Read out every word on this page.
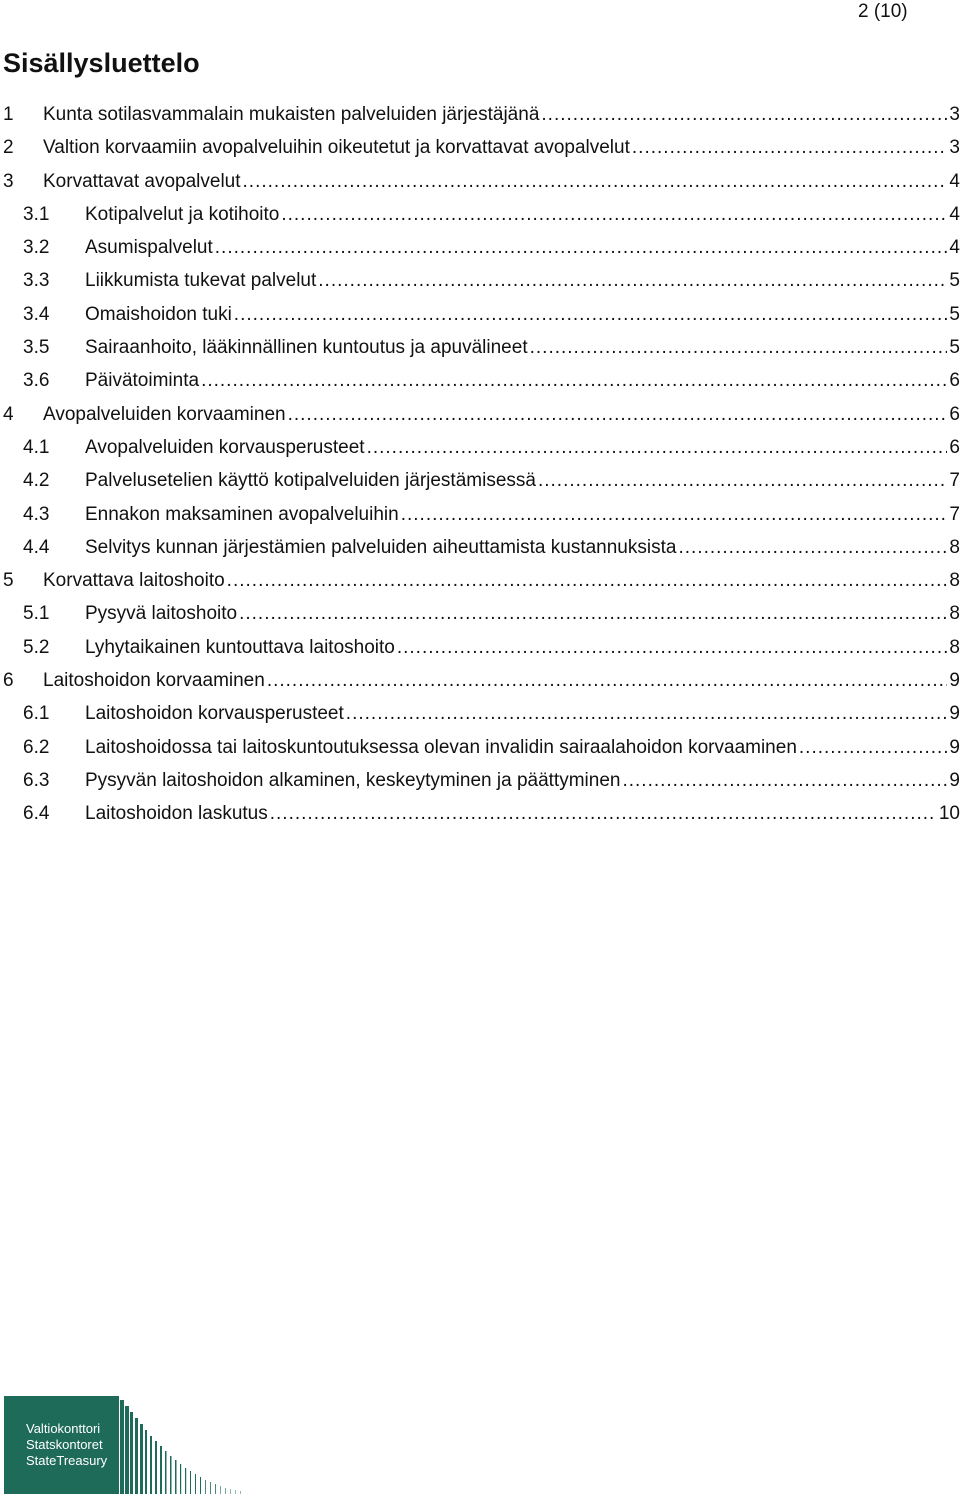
2 (10)
Sisällysluettelo
1	Kunta sotilasvammalain mukaisten palveluiden järjestäjänä .....	3
2	Valtion korvaamiin avopalveluihin oikeutetut ja korvattavat avopalvelut .....	3
3	Korvattavat avopalvelut .....	4
3.1	Kotipalvelut ja kotihoito .....	4
3.2	Asumispalvelut .....	4
3.3	Liikkumista tukevat palvelut .....	5
3.4	Omaishoidon tuki .....	5
3.5	Sairaanhoito, lääkinnällinen kuntoutus ja apuvälineet .....	5
3.6	Päivätoiminta .....	6
4	Avopalveluiden korvaaminen .....	6
4.1	Avopalveluiden korvausperusteet .....	6
4.2	Palvelusetelien käyttö kotipalveluiden järjestämisessä .....	7
4.3	Ennakon maksaminen avopalveluihin .....	7
4.4	Selvitys kunnan järjestämien palveluiden aiheuttamista kustannuksista .....	8
5	Korvattava laitoshoito .....	8
5.1	Pysyvä laitoshoito .....	8
5.2	Lyhytaikainen kuntouttava laitoshoito .....	8
6	Laitoshoidon korvaaminen .....	9
6.1	Laitoshoidon korvausperusteet .....	9
6.2	Laitoshoidossa tai laitoskuntoutuksessa olevan invalidin sairaalahoidon korvaaminen .....	9
6.3	Pysyvän laitoshoidon alkaminen, keskeytyminen ja päättyminen .....	9
6.4	Laitoshoidon laskutus .....	10
Valtiokonttori
Statskontoret
StateTreasury
